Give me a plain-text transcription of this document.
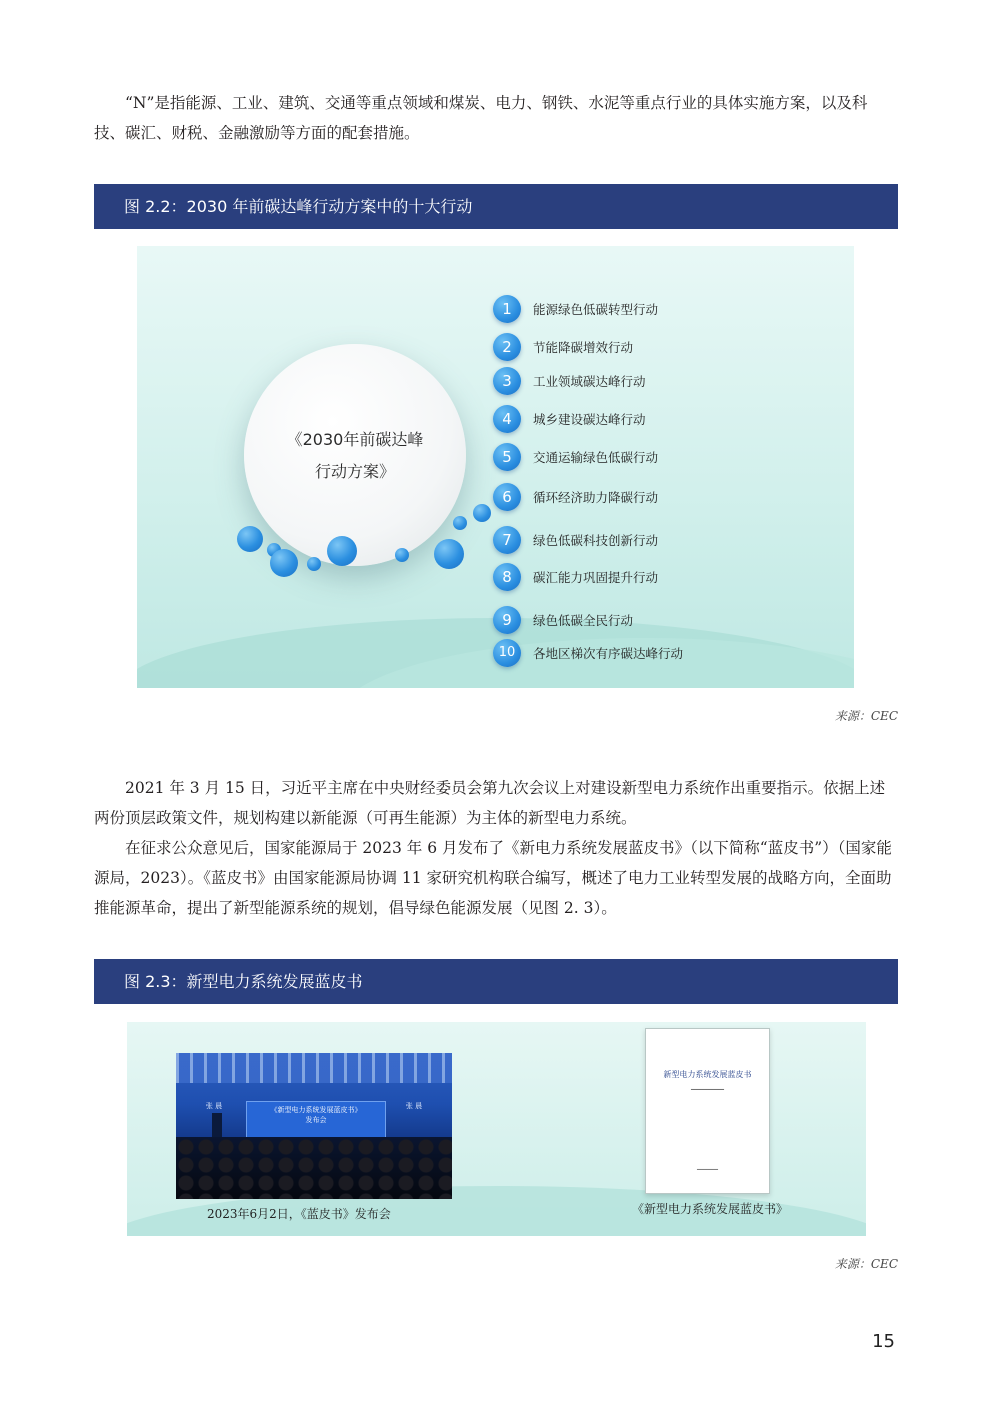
“N”是指能源、工业、建筑、交通等重点领域和煤炭、电力、钢铁、水泥等重点行业的具体实施方案，以及科技、碳汇、财税、金融激励等方面的配套措施。

图 2.2：2030 年前碳达峰行动方案中的十大行动
《2030年前碳达峰
行动方案》
1	能源绿色低碳转型行动
2	节能降碳增效行动
3	工业领域碳达峰行动
4	城乡建设碳达峰行动
5	交通运输绿色低碳行动
6	循环经济助力降碳行动
7	绿色低碳科技创新行动
8	碳汇能力巩固提升行动
9	绿色低碳全民行动
10	各地区梯次有序碳达峰行动
来源：CEC

2021 年 3 月 15 日，习近平主席在中央财经委员会第九次会议上对建设新型电力系统作出重要指示。依据上述两份顶层政策文件，规划构建以新能源（可再生能源）为主体的新型电力系统。

在征求公众意见后，国家能源局于 2023 年 6 月发布了《新电力系统发展蓝皮书》（以下简称“蓝皮书”）（国家能源局，2023）。《蓝皮书》由国家能源局协调 11 家研究机构联合编写，概述了电力工业转型发展的战略方向，全面助推能源革命，提出了新型能源系统的规划，倡导绿色能源发展（见图 2. 3）。

图 2.3：新型电力系统发展蓝皮书
张 晨	《新型电力系统发展蓝皮书》
发布会
张 晨
2023年6月2日，《蓝皮书》发布会
新型电力系统发展蓝皮书
━━━━━━━━━━━
━━━━━━━
《新型电力系统发展蓝皮书》
来源：CEC
15
